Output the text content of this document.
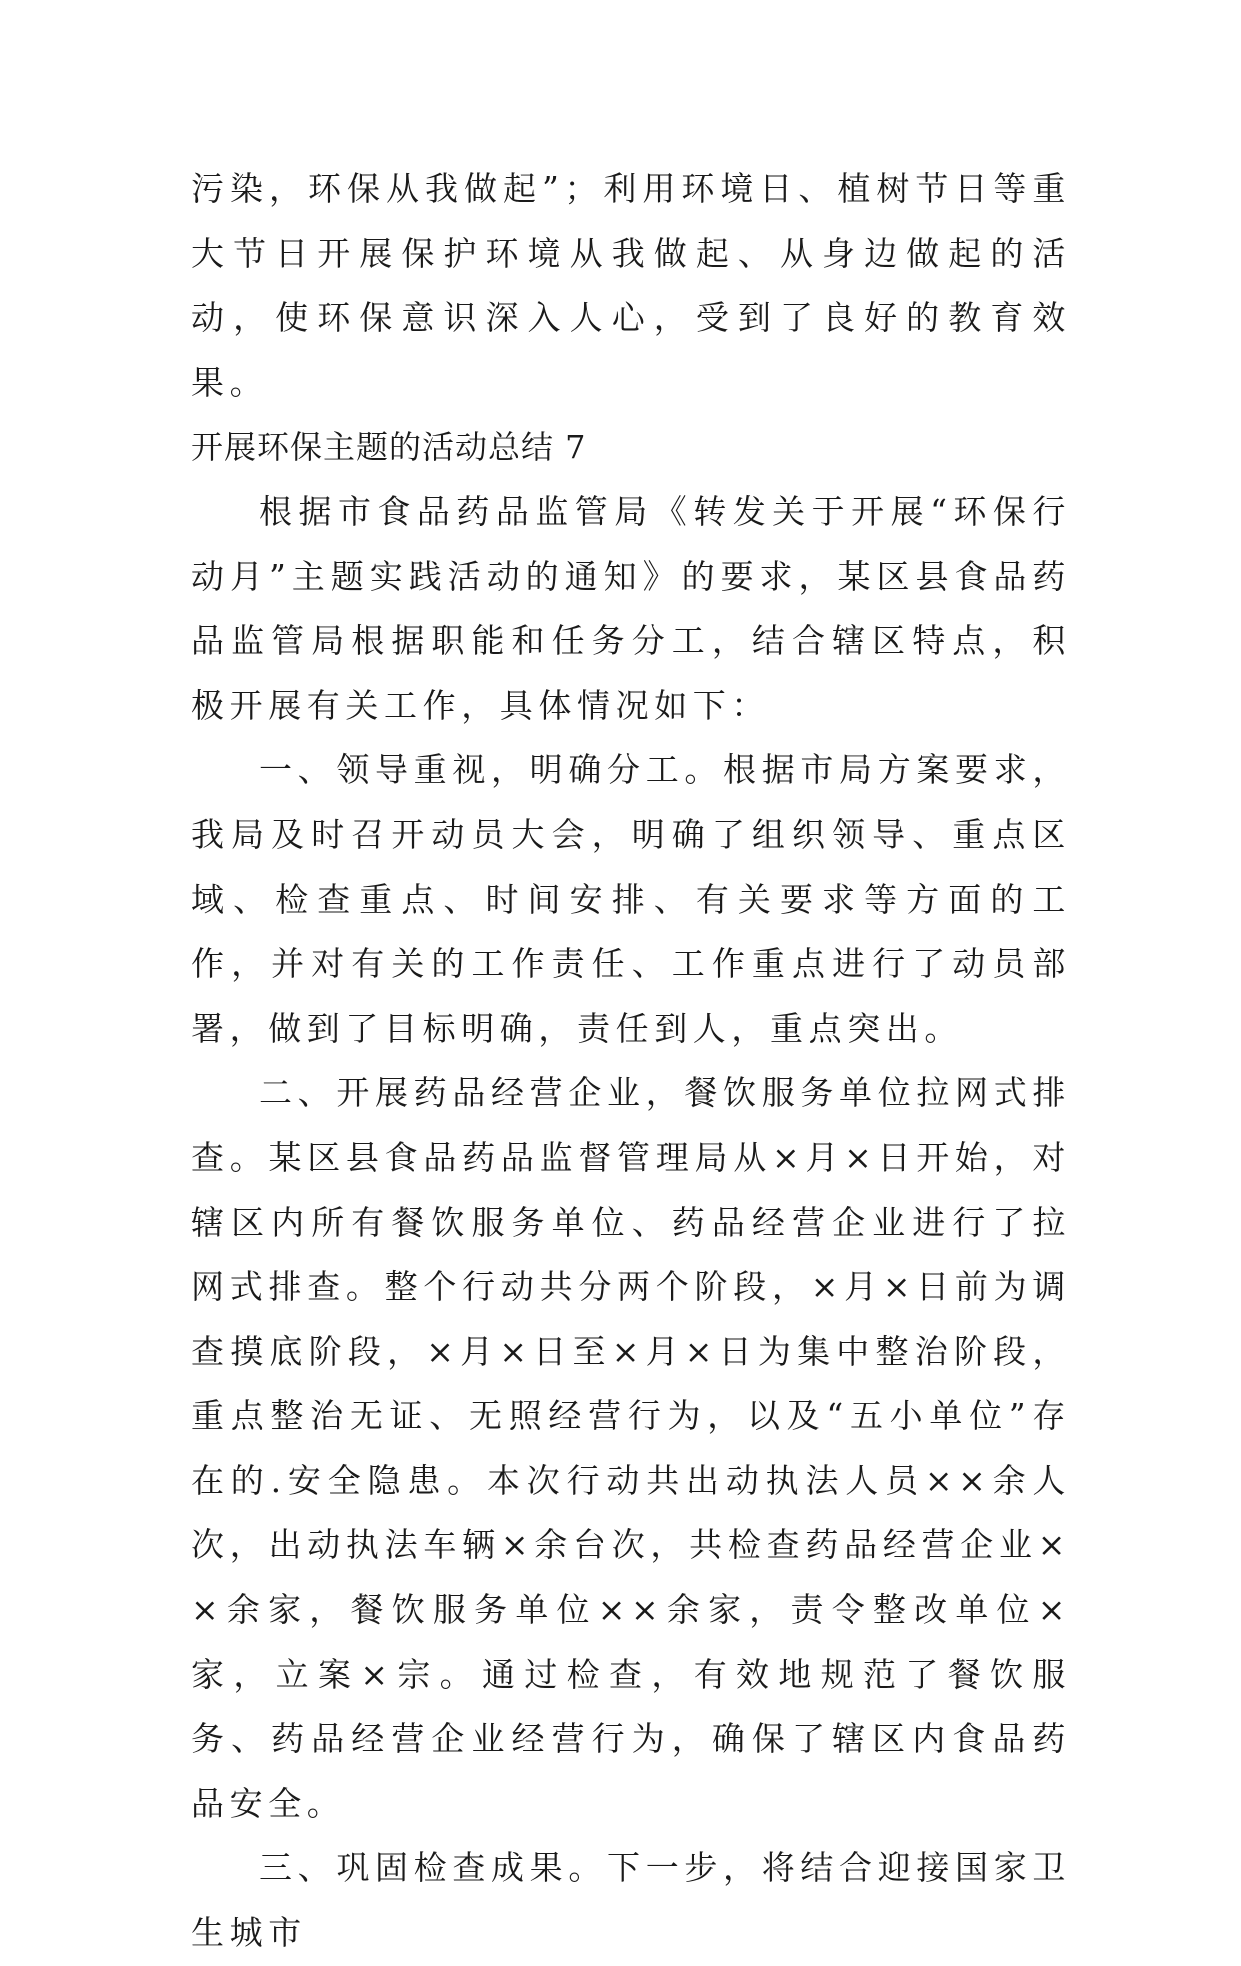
污染，环保从我做起”；利用环境日、植树节日等重大节日开展保护环境从我做起、从身边做起的活动，使环保意识深入人心，受到了良好的教育效果。

开展环保主题的活动总结 7

根据市食品药品监管局《转发关于开展“环保行动月”主题实践活动的通知》的要求，某区县食品药品监管局根据职能和任务分工，结合辖区特点，积极开展有关工作，具体情况如下：

一、领导重视，明确分工。根据市局方案要求，我局及时召开动员大会，明确了组织领导、重点区域、检查重点、时间安排、有关要求等方面的工作，并对有关的工作责任、工作重点进行了动员部署，做到了目标明确，责任到人，重点突出。

二、开展药品经营企业，餐饮服务单位拉网式排查。某区县食品药品监督管理局从×月×日开始，对辖区内所有餐饮服务单位、药品经营企业进行了拉网式排查。整个行动共分两个阶段，×月×日前为调查摸底阶段，×月×日至×月×日为集中整治阶段，重点整治无证、无照经营行为，以及“五小单位”存在的.安全隐患。本次行动共出动执法人员××余人次，出动执法车辆×余台次，共检查药品经营企业××余家，餐饮服务单位××余家，责令整改单位×家，立案×宗。通过检查，有效地规范了餐饮服务、药品经营企业经营行为，确保了辖区内食品药品安全。

三、巩固检查成果。下一步，将结合迎接国家卫生城市
